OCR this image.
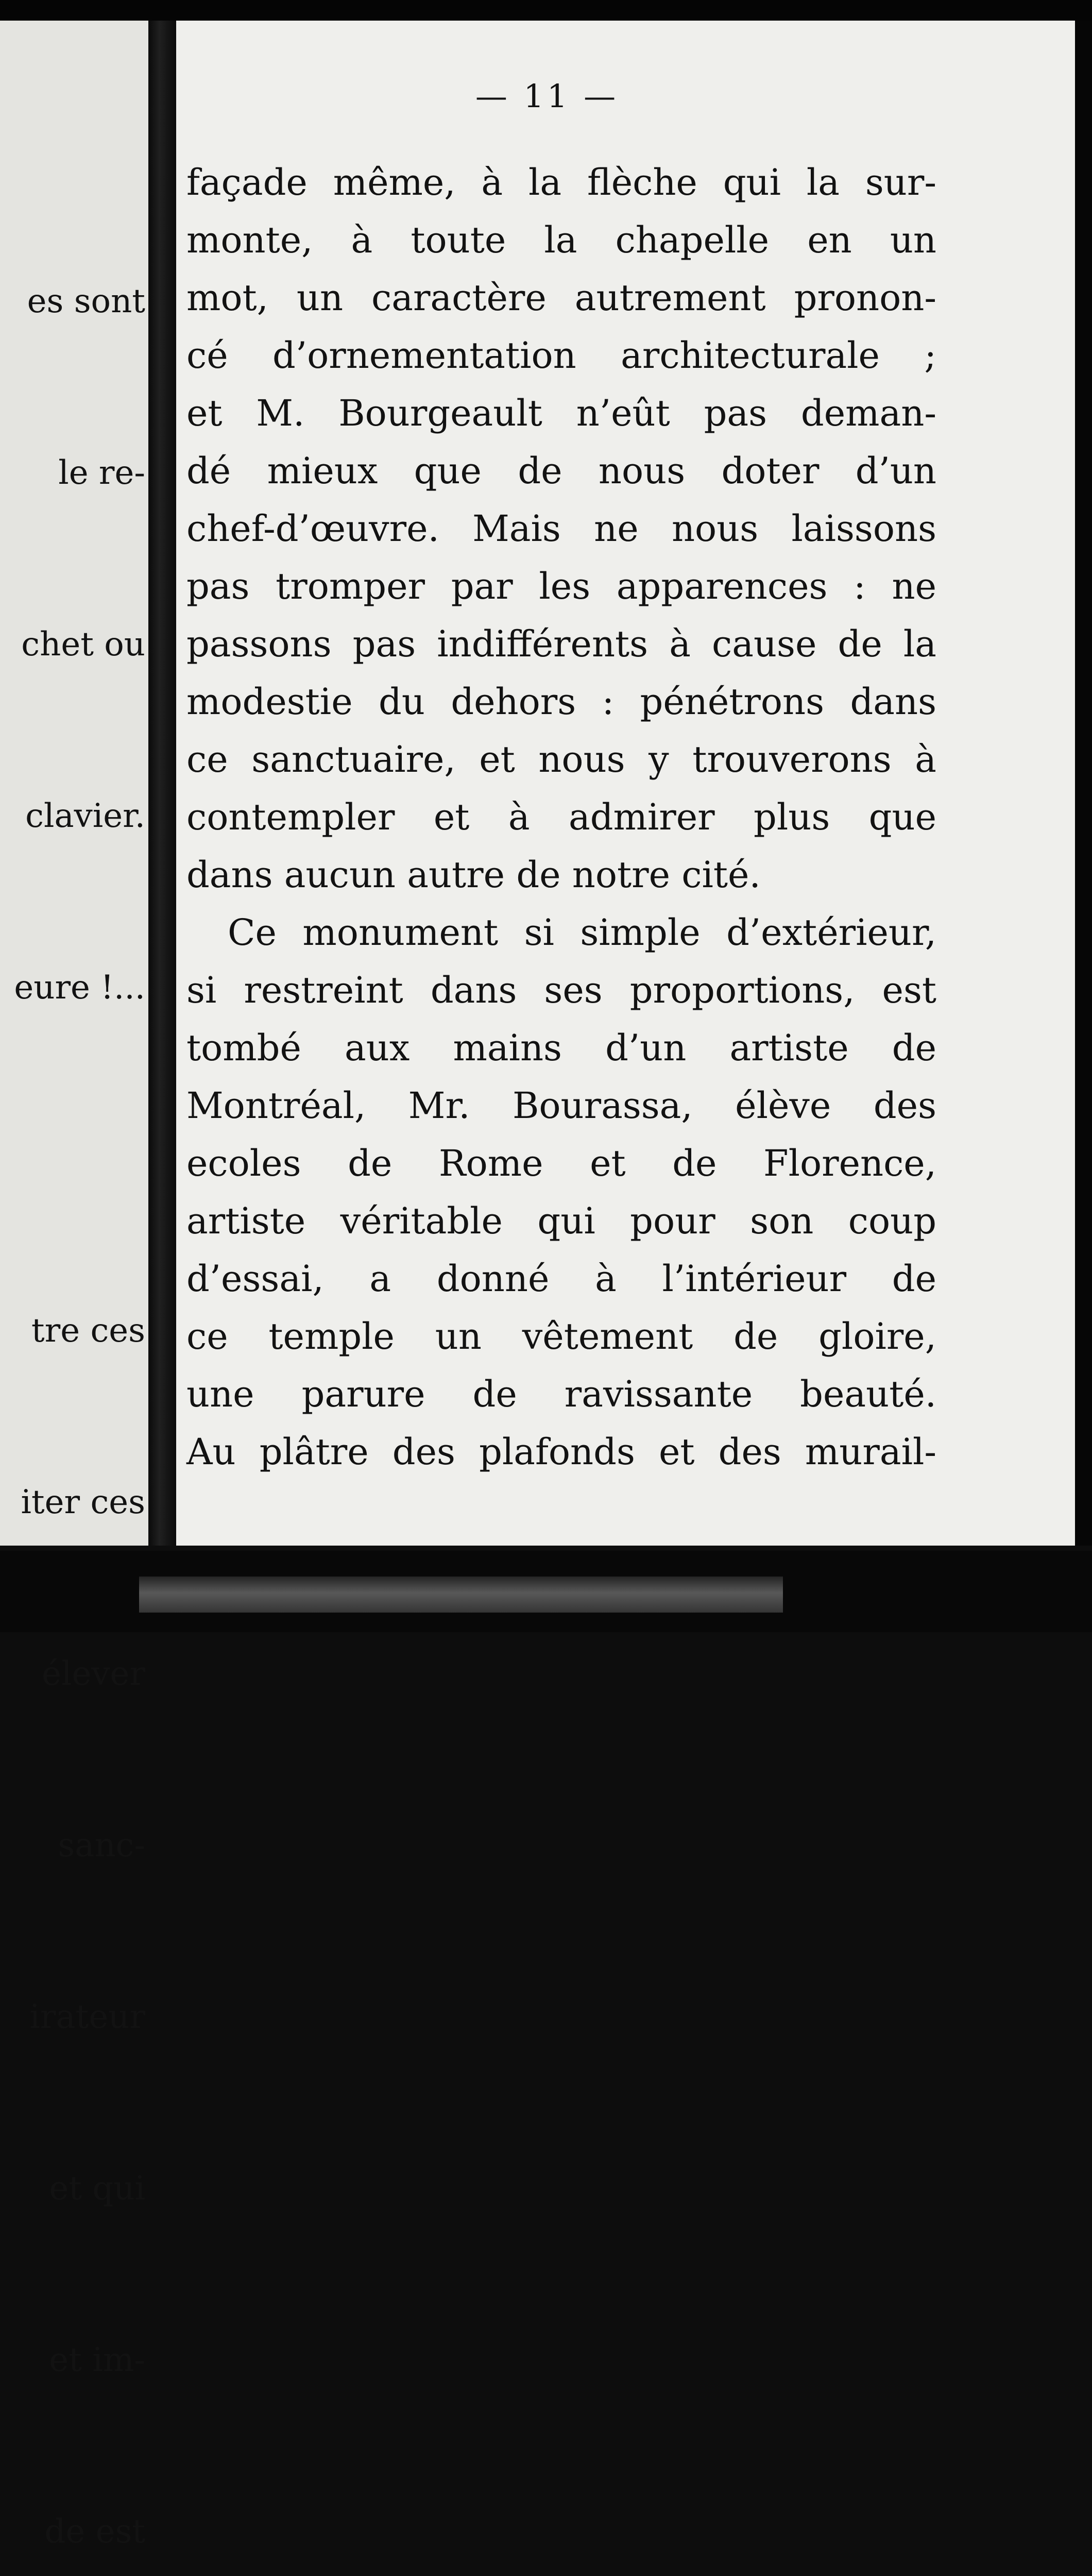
es sont

le re-

chet ou

clavier.

eure !...

tre ces

iter ces

élever

sanc-

irateur

et qui

et im-

de est

— 11 —
façade même, à la flèche qui la sur-
monte, à toute la chapelle en un
mot, un caractère autrement pronon-
cé d’ornementation architecturale ;
et M. Bourgeault n’eût pas deman-
dé mieux que de nous doter d’un
chef-d’œuvre. Mais ne nous laissons
pas tromper par les apparences : ne
passons pas indifférents à cause de la
modestie du dehors : pénétrons dans
ce sanctuaire, et nous y trouverons à
contempler et à admirer plus que
dans aucun autre de notre cité.
Ce monument si simple d’extérieur,
si restreint dans ses proportions, est
tombé aux mains d’un artiste de
Montréal, Mr. Bourassa, élève des
ecoles de Rome et de Florence,
artiste véritable qui pour son coup
d’essai, a donné à l’intérieur de
ce temple un vêtement de gloire,
une parure de ravissante beauté.
Au plâtre des plafonds et des murail-
